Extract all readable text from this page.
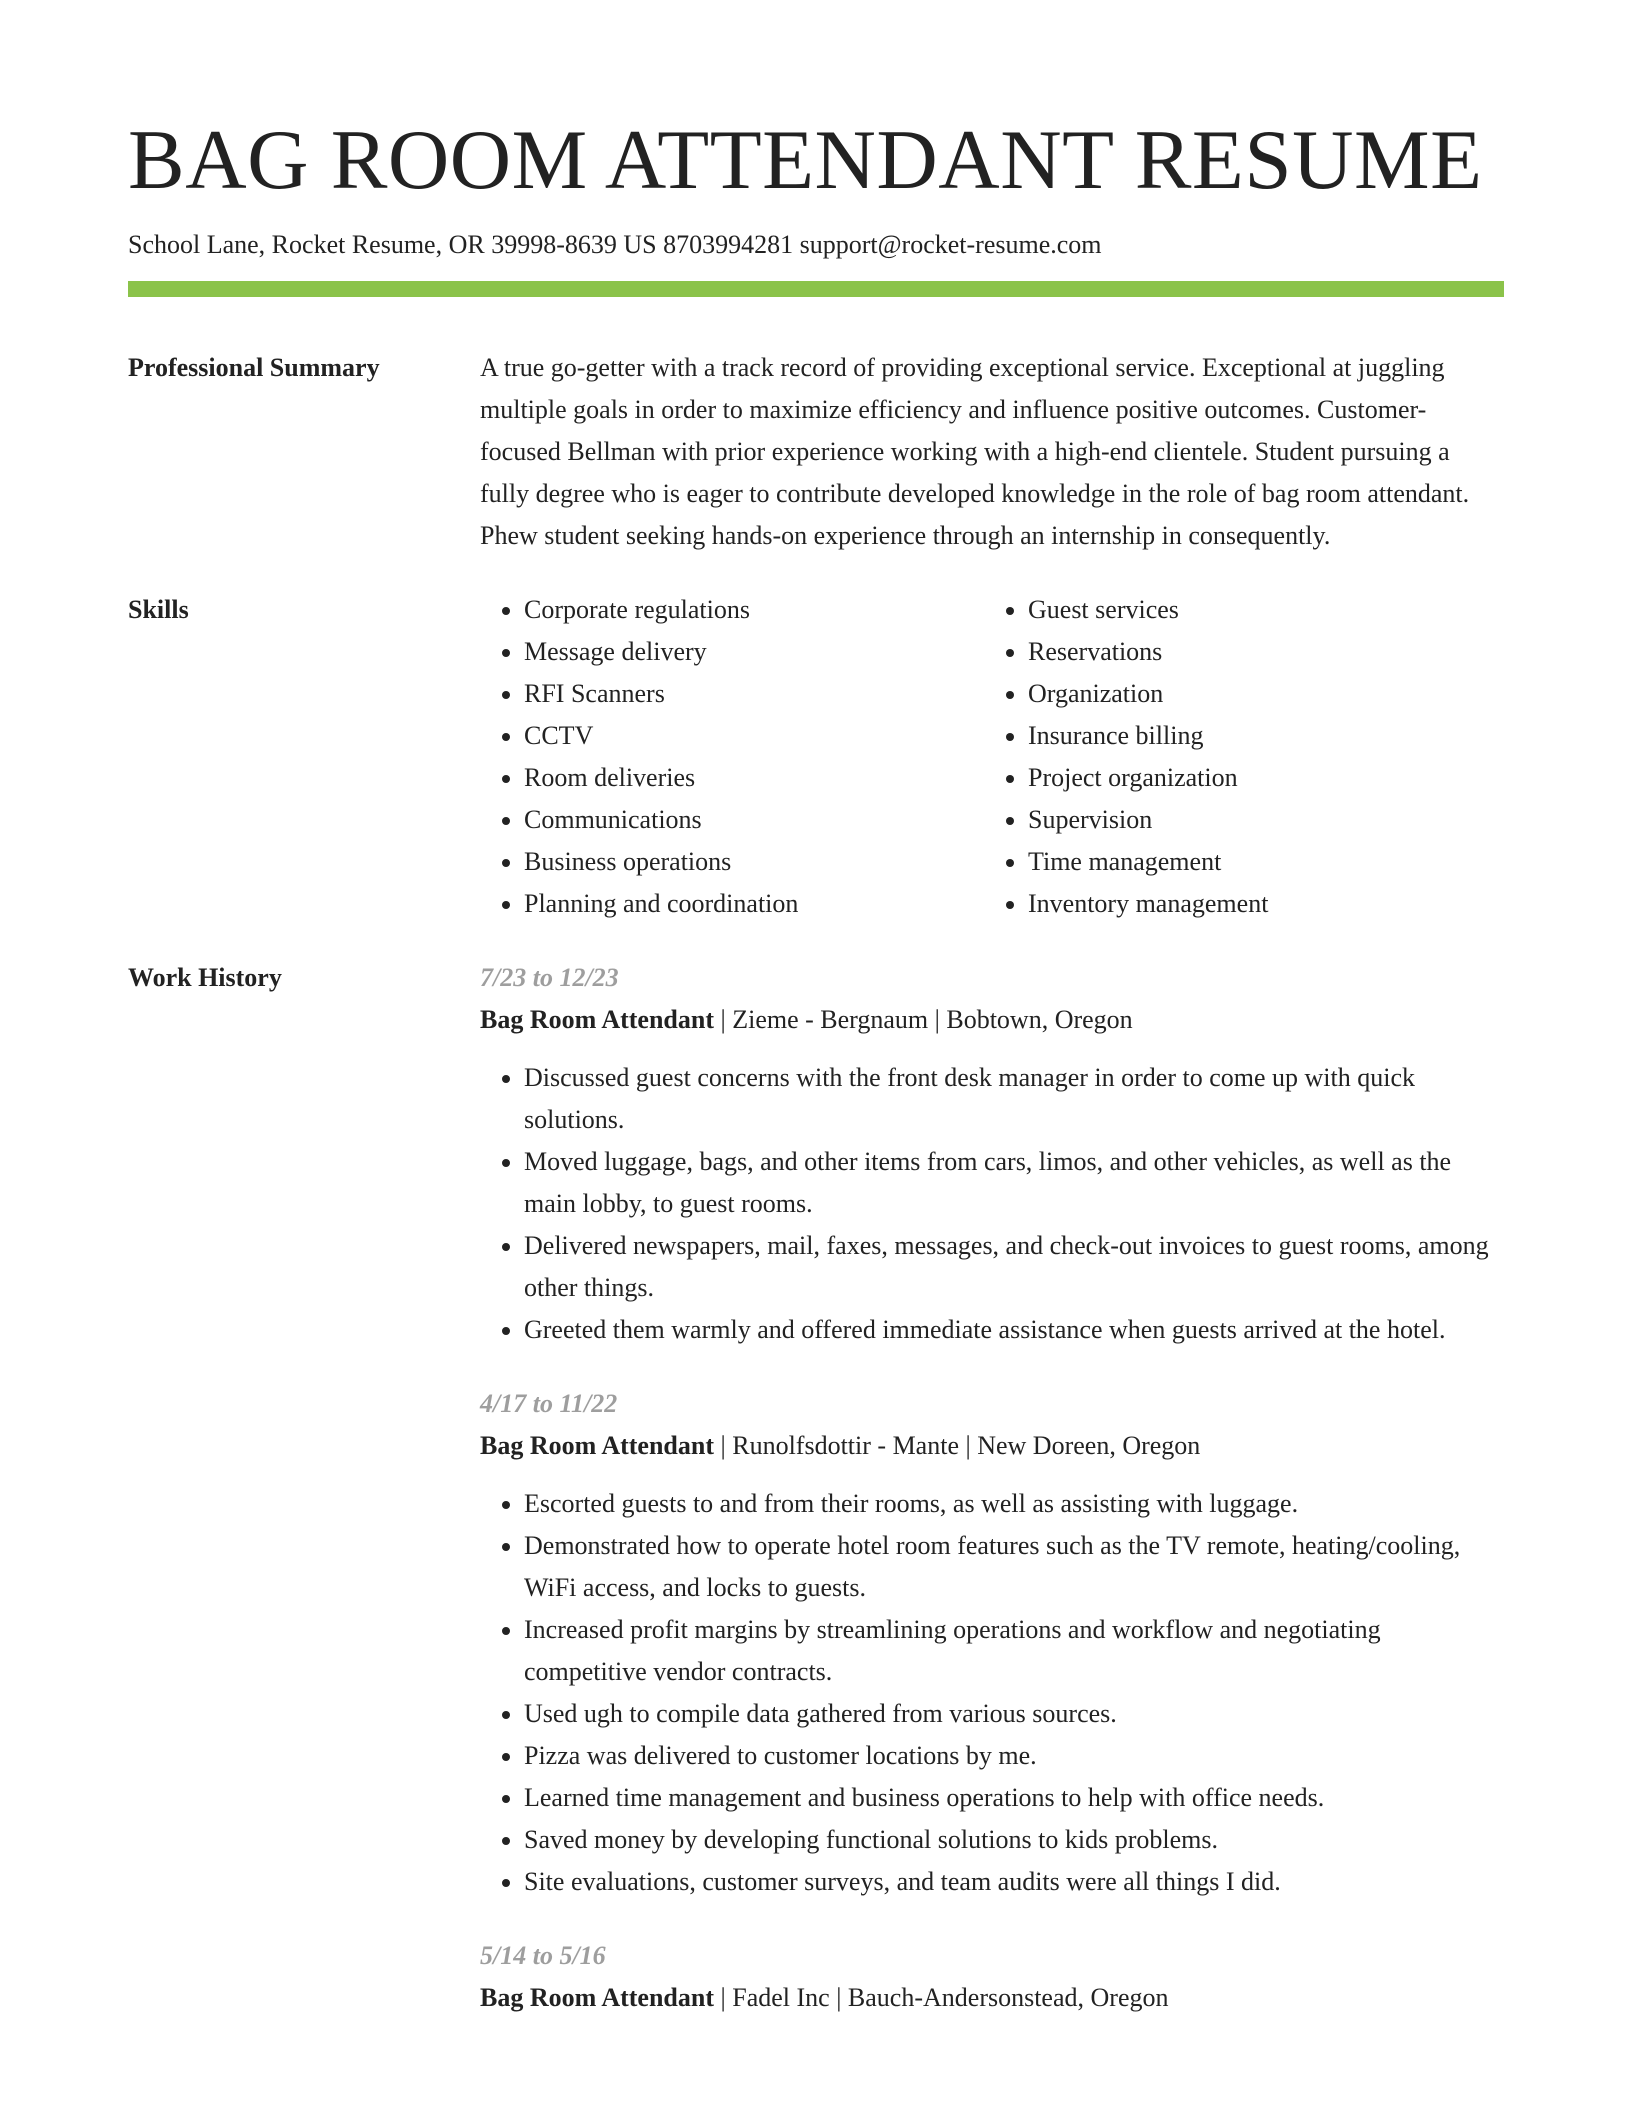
BAG ROOM ATTENDANT RESUME
School Lane, Rocket Resume, OR 39998-8639 US 8703994281 support@rocket-resume.com
Professional Summary	A true go-getter with a track record of providing exceptional service. Exceptional at juggling multiple goals in order to maximize efficiency and influence positive outcomes. Customer-focused Bellman with prior experience working with a high-end clientele. Student pursuing a fully degree who is eager to contribute developed knowledge in the role of bag room attendant. Phew student seeking hands-on experience through an internship in consequently.

Skills
•	Corporate regulations
• Message delivery
• RFI Scanners
• CCTV
• Room deliveries
• Communications
• Business operations
• Planning and coordination
• Guest services
• Reservations
• Organization
• Insurance billing
• Project organization
• Supervision
• Time management
• Inventory management
Work History	7/23 to 12/23
Bag Room Attendant | Zieme - Bergnaum | Bobtown, Oregon
• Discussed guest concerns with the front desk manager in order to come up with quick solutions.
• Moved luggage, bags, and other items from cars, limos, and other vehicles, as well as the main lobby, to guest rooms.
• Delivered newspapers, mail, faxes, messages, and check-out invoices to guest rooms, among other things.
• Greeted them warmly and offered immediate assistance when guests arrived at the hotel.
4/17 to 11/22
Bag Room Attendant | Runolfsdottir - Mante | New Doreen, Oregon
• Escorted guests to and from their rooms, as well as assisting with luggage.
• Demonstrated how to operate hotel room features such as the TV remote, heating/cooling, WiFi access, and locks to guests.
• Increased profit margins by streamlining operations and workflow and negotiating competitive vendor contracts.
• Used ugh to compile data gathered from various sources.
• Pizza was delivered to customer locations by me.
• Learned time management and business operations to help with office needs.
• Saved money by developing functional solutions to kids problems.
• Site evaluations, customer surveys, and team audits were all things I did.
5/14 to 5/16
Bag Room Attendant | Fadel Inc | Bauch-Andersonstead, Oregon
